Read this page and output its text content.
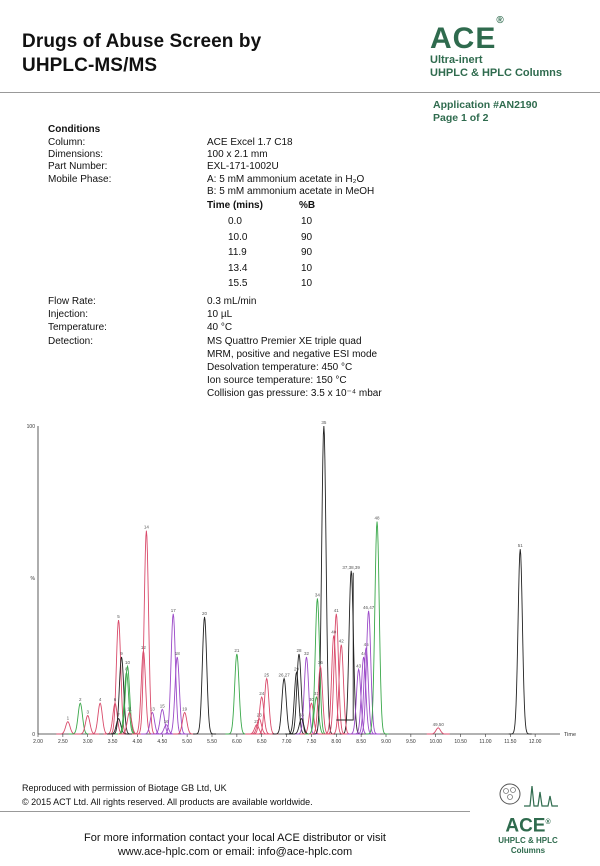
Drugs of Abuse Screen by
UHPLC-MS/MS
ACE®
Ultra-inert
UHPLC & HPLC Columns
Application #AN2190
Page 1 of 2
Conditions
Column:	ACE Excel 1.7 C18
Dimensions:	100 x 2.1 mm
Part Number:	EXL-171-1002U
Mobile Phase:	A: 5 mM ammonium acetate in H₂O
B: 5 mM ammonium acetate in MeOH
Time (mins)	%B
0.0	10
10.0	90
11.9	90
13.4	10
15.5	10
Flow Rate:	0.3 mL/min
Injection:	10 µL
Temperature:	40 °C
Detection:	MS Quattro Premier XE triple quad
MRM, positive and negative ESI mode
Desolvation temperature: 450 °C
Ion source temperature: 150 °C
Collision gas pressure: 3.5 x 10⁻⁴ mbar
100
%
0
2.00	2.50	3.00	3.50	4.00	4.50	5.00	5.50	6.00	6.50	7.00	7.50	8.00	8.50	9.00	9.50	10.00 10.50	11.00	11.50	12.00
Time
1
2
3
4
5
6
7
8
9
10
11
12
13
14
15
16
17
18
19
20
21
22
23
24
25 26,27
28
29
30
31
32
33
34
35
36
37,38,39
40
41
42
43
44
45
46,47
48
49,50
51
Reproduced with permission of Biotage GB Ltd, UK
© 2015 ACT Ltd. All rights reserved. All products are available worldwide.
For more information contact your local ACE distributor or visit
www.ace-hplc.com or email: info@ace-hplc.com
ACE®
UHPLC & HPLC
Columns
